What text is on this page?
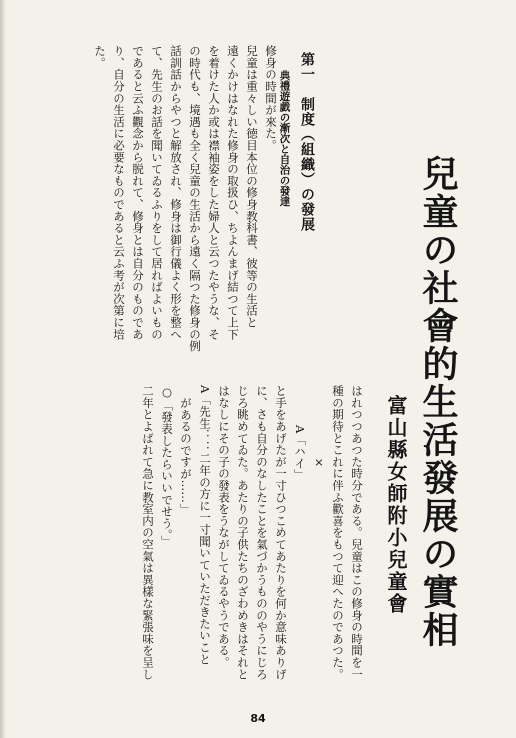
兒童の社會的生活發展の實相
富山縣女師附小兒童會
第一　制度（組織）の發展
典禮遊戯の漸次と自治の發達
修身の時間が來た。
兒童は重々しい徳目本位の修身教科書、彼等の生活と
遠くかけはなれた修身の取扱ひ、ちよんまげ結つて上下
を着けた人か或は襟袖姿をした婦人と云つたやうな、そ
の時代も、境遇も全く兒童の生活から遠く隔つた修身の例
話訓話からやつと解放され、修身は御行儀よく形を整へ
て、先生のお話を聞いてゐるふりをして居ればよいもの
であると云ふ觀念から脱れて、修身とは自分のものであ
り、自分の生活に必要なものであると云ふ考が次第に培
た。
はれつつあつた時分である。兒童はこの修身の時間を一
種の期待とこれに伴ふ歡喜をもつて迎へたのであつた。
×
A「ハイ」
と手をあげたが一寸ひつこめてあたりを何か意味ありげ
に、さも自分のなしたことを氣づかうもののやうにじろ
じろ眺めてゐた。あたりの子供たちのざわめきはそれと
はなしにその子の發表をうながしてゐるやうである。
A「先生：：二年の方に一寸聞いていただきたいこと
があるのですが……」
○「發表したらいいでせう。」
二年とよばれて急に教室内の空氣は異樣な緊張味を呈し
84
